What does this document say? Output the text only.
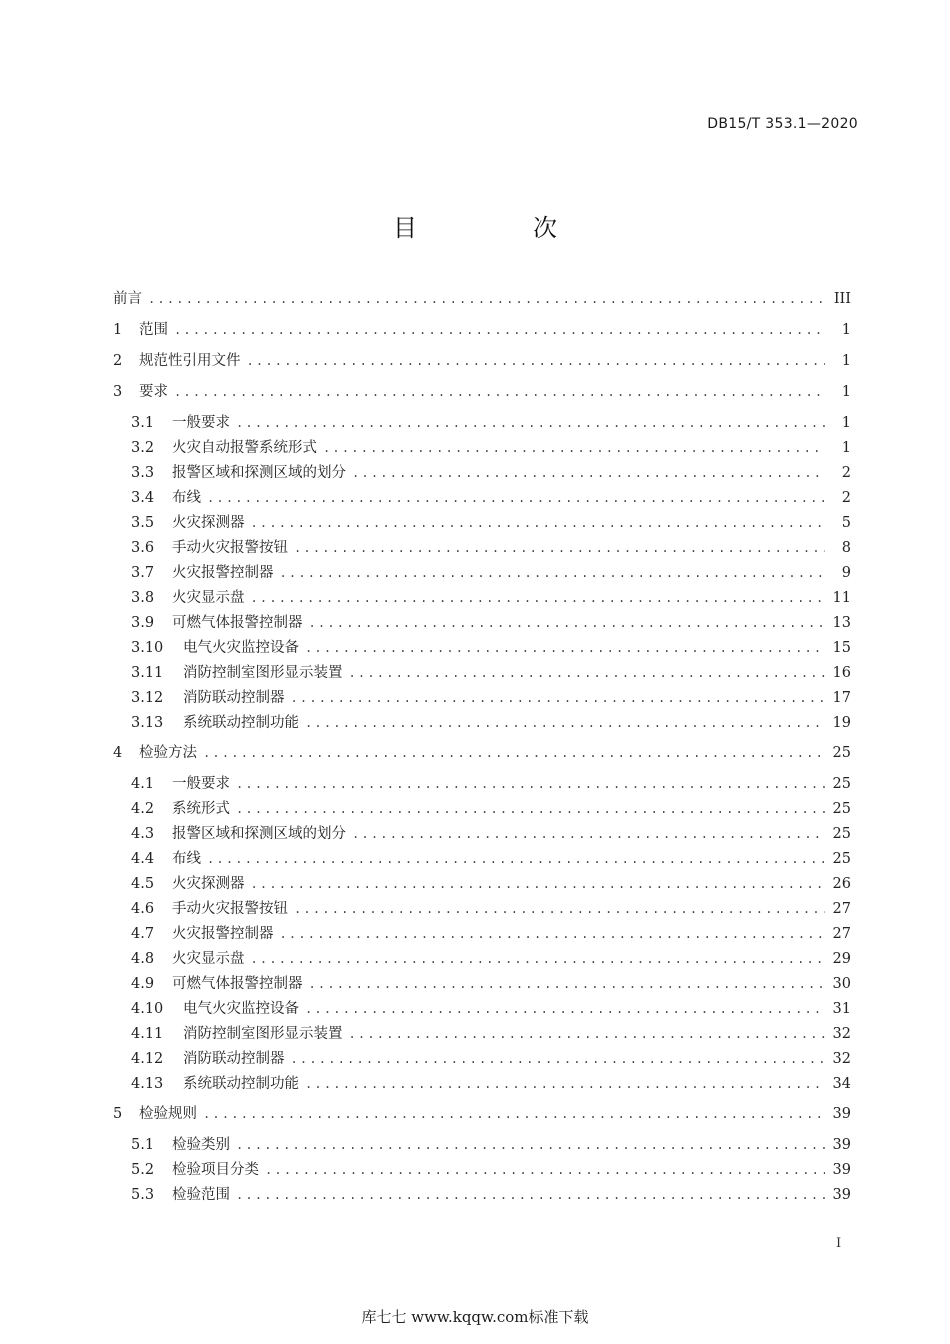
DB15/T 353.1—2020
目　次
前言 .....	III
1	范围 .....	1
2	规范性引用文件 .....	1
3	要求 .....	1
3.1	一般要求 .....	1
3.2	火灾自动报警系统形式 .....	1
3.3	报警区域和探测区域的划分 .....	2
3.4	布线 .....	2
3.5	火灾探测器 .....	5
3.6	手动火灾报警按钮 .....	8
3.7	火灾报警控制器 .....	9
3.8	火灾显示盘 .....	11
3.9	可燃气体报警控制器 .....	13
3.10	电气火灾监控设备 .....	15
3.11	消防控制室图形显示装置 .....	16
3.12	消防联动控制器 .....	17
3.13	系统联动控制功能 .....	19
4	检验方法 .....	25
4.1	一般要求 .....	25
4.2	系统形式 .....	25
4.3	报警区域和探测区域的划分 .....	25
4.4	布线 .....	25
4.5	火灾探测器 .....	26
4.6	手动火灾报警按钮 .....	27
4.7	火灾报警控制器 .....	27
4.8	火灾显示盘 .....	29
4.9	可燃气体报警控制器 .....	30
4.10	电气火灾监控设备 .....	31
4.11	消防控制室图形显示装置 .....	32
4.12	消防联动控制器 .....	32
4.13	系统联动控制功能 .....	34
5	检验规则 .....	39
5.1	检验类别 .....	39
5.2	检验项目分类 .....	39
5.3	检验范围 .....	39
I
库七七 www.kqqw.com标准下载
